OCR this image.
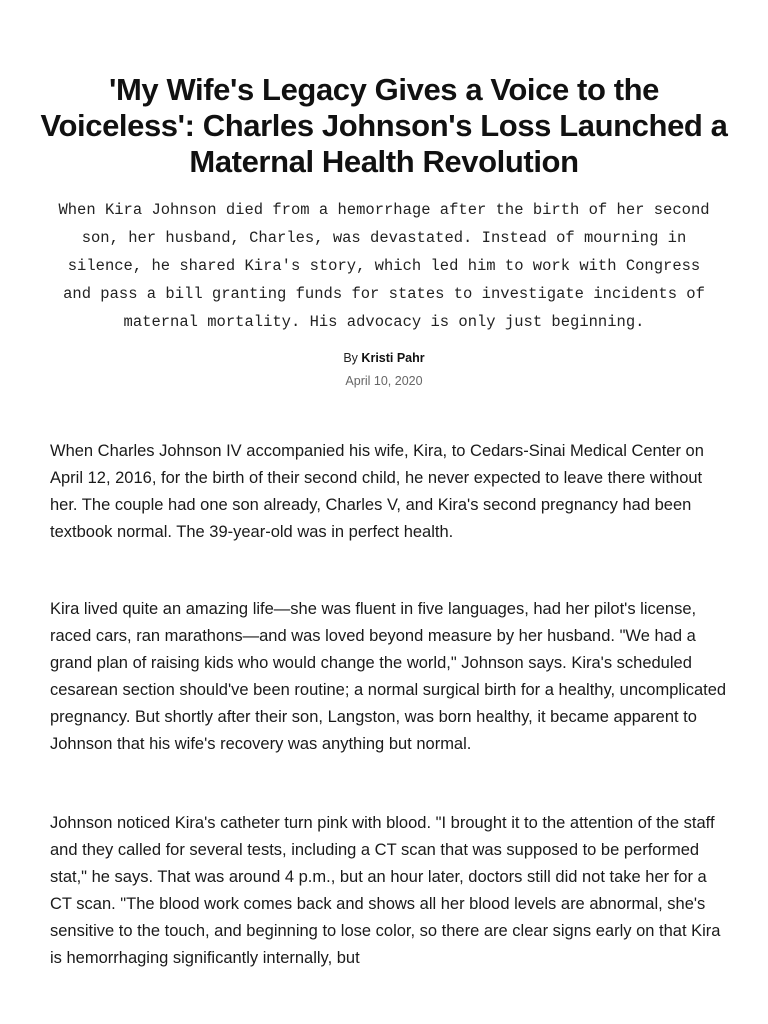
'My Wife's Legacy Gives a Voice to the Voiceless': Charles Johnson's Loss Launched a Maternal Health Revolution

When Kira Johnson died from a hemorrhage after the birth of her second son, her husband, Charles, was devastated. Instead of mourning in silence, he shared Kira's story, which led him to work with Congress and pass a bill granting funds for states to investigate incidents of maternal mortality. His advocacy is only just beginning.

By Kristi Pahr
April 10, 2020

When Charles Johnson IV accompanied his wife, Kira, to Cedars-Sinai Medical Center on April 12, 2016, for the birth of their second child, he never expected to leave there without her. The couple had one son already, Charles V, and Kira's second pregnancy had been textbook normal. The 39-year-old was in perfect health.

Kira lived quite an amazing life—she was fluent in five languages, had her pilot's license, raced cars, ran marathons—and was loved beyond measure by her husband. "We had a grand plan of raising kids who would change the world," Johnson says. Kira's scheduled cesarean section should've been routine; a normal surgical birth for a healthy, uncomplicated pregnancy. But shortly after their son, Langston, was born healthy, it became apparent to Johnson that his wife's recovery was anything but normal.

Johnson noticed Kira's catheter turn pink with blood. "I brought it to the attention of the staff and they called for several tests, including a CT scan that was supposed to be performed stat," he says. That was around 4 p.m., but an hour later, doctors still did not take her for a CT scan. "The blood work comes back and shows all her blood levels are abnormal, she's sensitive to the touch, and beginning to lose color, so there are clear signs early on that Kira is hemorrhaging significantly internally, but
